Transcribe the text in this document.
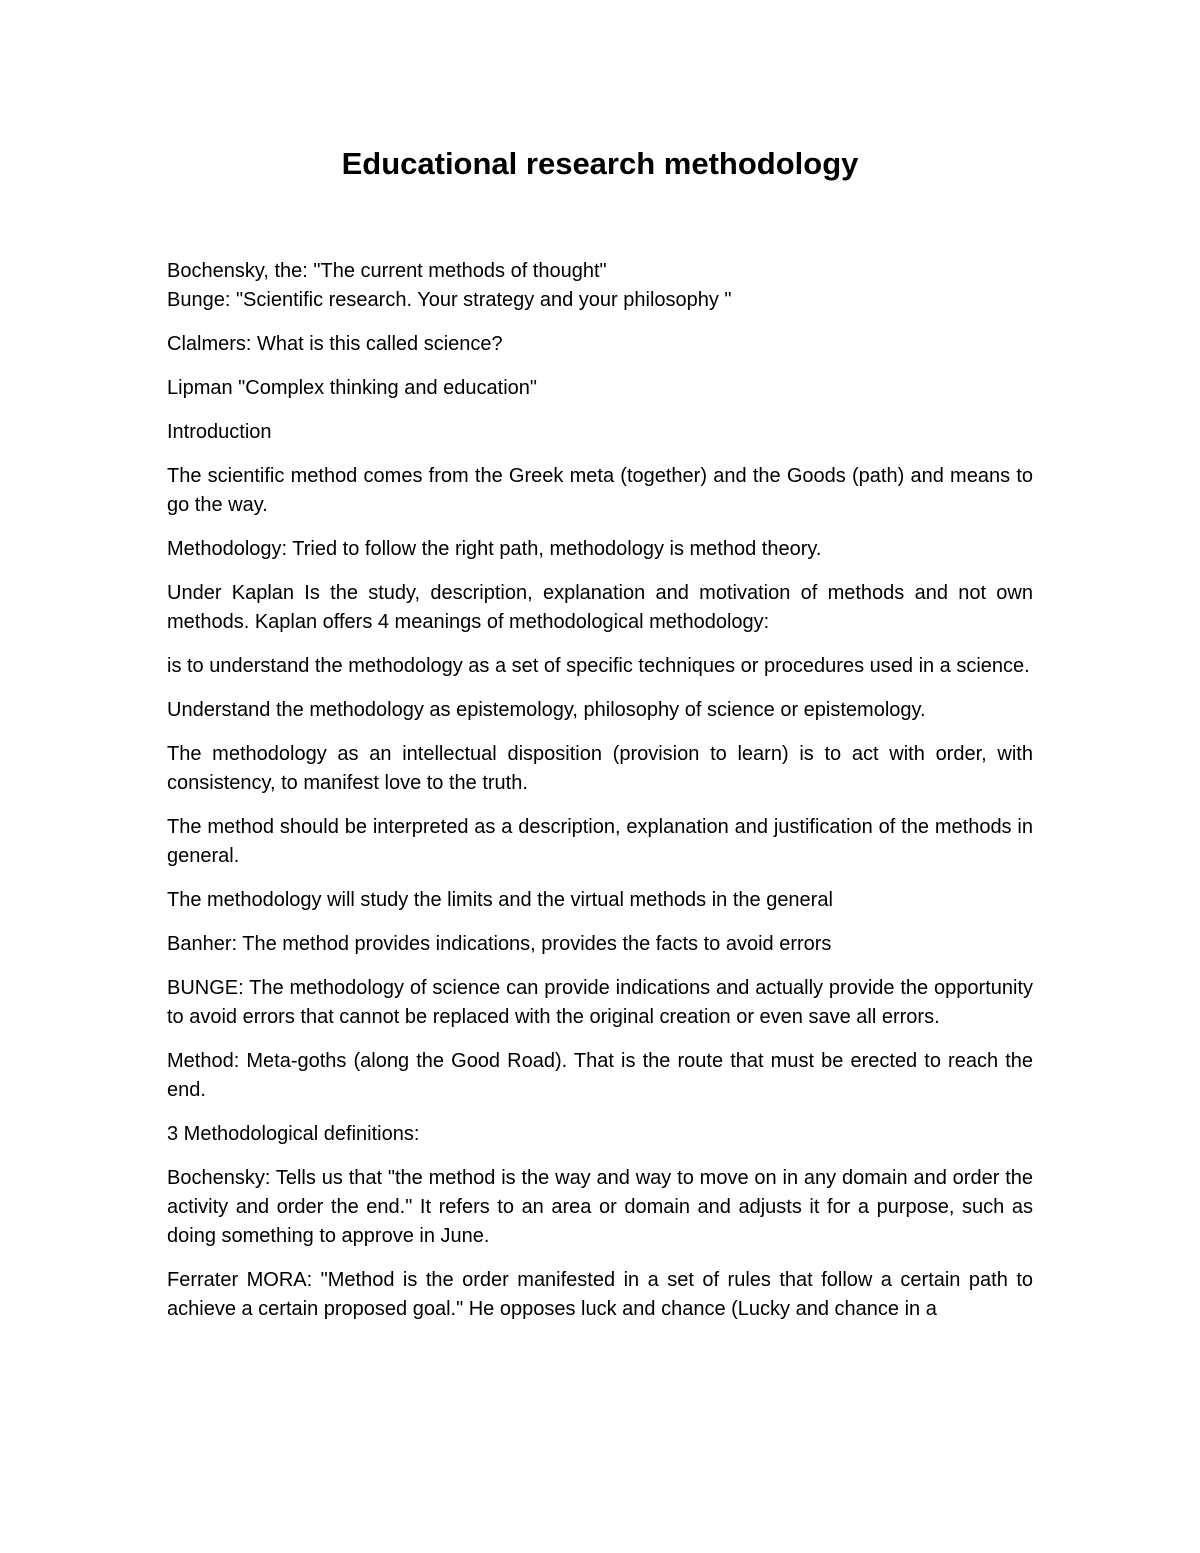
Educational research methodology

Bochensky, the: "The current methods of thought"

Bunge: "Scientific research. Your strategy and your philosophy "

Clalmers: What is this called science?

Lipman "Complex thinking and education"

Introduction

The scientific method comes from the Greek meta (together) and the Goods (path) and means to go the way.

Methodology: Tried to follow the right path, methodology is method theory.

Under Kaplan Is the study, description, explanation and motivation of methods and not own methods. Kaplan offers 4 meanings of methodological methodology:

is to understand the methodology as a set of specific techniques or procedures used in a science.

Understand the methodology as epistemology, philosophy of science or epistemology.

The methodology as an intellectual disposition (provision to learn) is to act with order, with consistency, to manifest love to the truth.

The method should be interpreted as a description, explanation and justification of the methods in general.

The methodology will study the limits and the virtual methods in the general

Banher: The method provides indications, provides the facts to avoid errors

BUNGE: The methodology of science can provide indications and actually provide the opportunity to avoid errors that cannot be replaced with the original creation or even save all errors.

Method: Meta-goths (along the Good Road). That is the route that must be erected to reach the end.

3 Methodological definitions:

Bochensky: Tells us that "the method is the way and way to move on in any domain and order the activity and order the end." It refers to an area or domain and adjusts it for a purpose, such as doing something to approve in June.

Ferrater MORA: "Method is the order manifested in a set of rules that follow a certain path to achieve a certain proposed goal." He opposes luck and chance (Lucky and chance in a
